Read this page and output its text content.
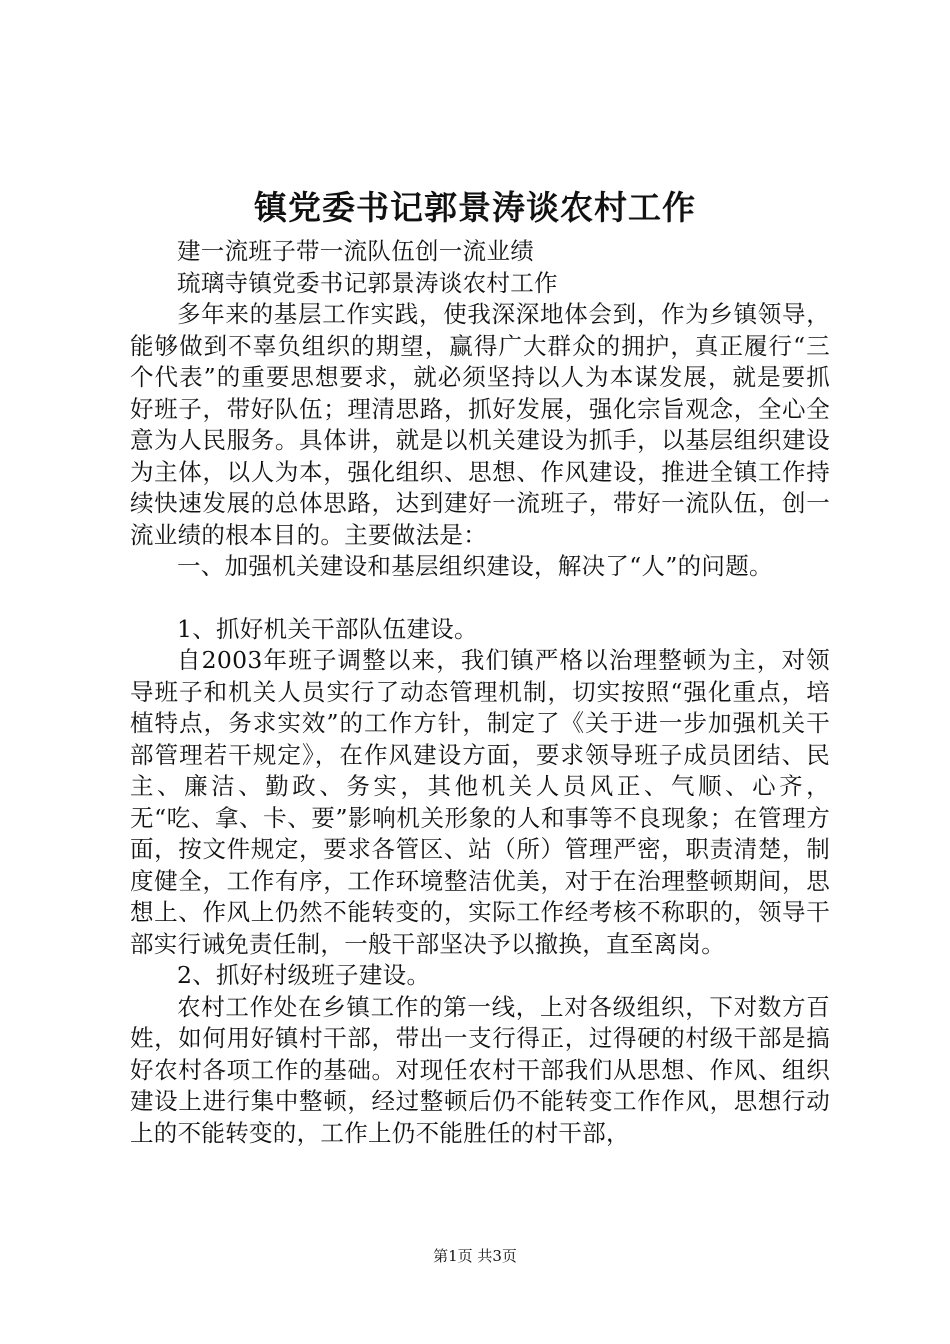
镇党委书记郭景涛谈农村工作

建一流班子带一流队伍创一流业绩

琉璃寺镇党委书记郭景涛谈农村工作

多年来的基层工作实践，使我深深地体会到，作为乡镇领导，能够做到不辜负组织的期望，赢得广大群众的拥护，真正履行“三个代表”的重要思想要求，就必须坚持以人为本谋发展，就是要抓好班子，带好队伍；理清思路，抓好发展，强化宗旨观念，全心全意为人民服务。具体讲，就是以机关建设为抓手，以基层组织建设为主体，以人为本，强化组织、思想、作风建设，推进全镇工作持续快速发展的总体思路，达到建好一流班子，带好一流队伍，创一流业绩的根本目的。主要做法是：

一、加强机关建设和基层组织建设，解决了“人”的问题。

1、抓好机关干部队伍建设。

自2003年班子调整以来，我们镇严格以治理整顿为主，对领导班子和机关人员实行了动态管理机制，切实按照“强化重点，培植特点，务求实效”的工作方针，制定了《关于进一步加强机关干部管理若干规定》，在作风建设方面，要求领导班子成员团结、民主、廉洁、勤政、务实，其他机关人员风正、气顺、心齐，无“吃、拿、卡、要”影响机关形象的人和事等不良现象；在管理方面，按文件规定，要求各管区、站（所）管理严密，职责清楚，制度健全，工作有序，工作环境整洁优美，对于在治理整顿期间，思想上、作风上仍然不能转变的，实际工作经考核不称职的，领导干部实行诫免责任制，一般干部坚决予以撤换，直至离岗。

2、抓好村级班子建设。

农村工作处在乡镇工作的第一线，上对各级组织，下对数方百姓，如何用好镇村干部，带出一支行得正，过得硬的村级干部是搞好农村各项工作的基础。对现任农村干部我们从思想、作风、组织建设上进行集中整顿，经过整顿后仍不能转变工作作风，思想行动上的不能转变的，工作上仍不能胜任的村干部，

第1页 共3页
